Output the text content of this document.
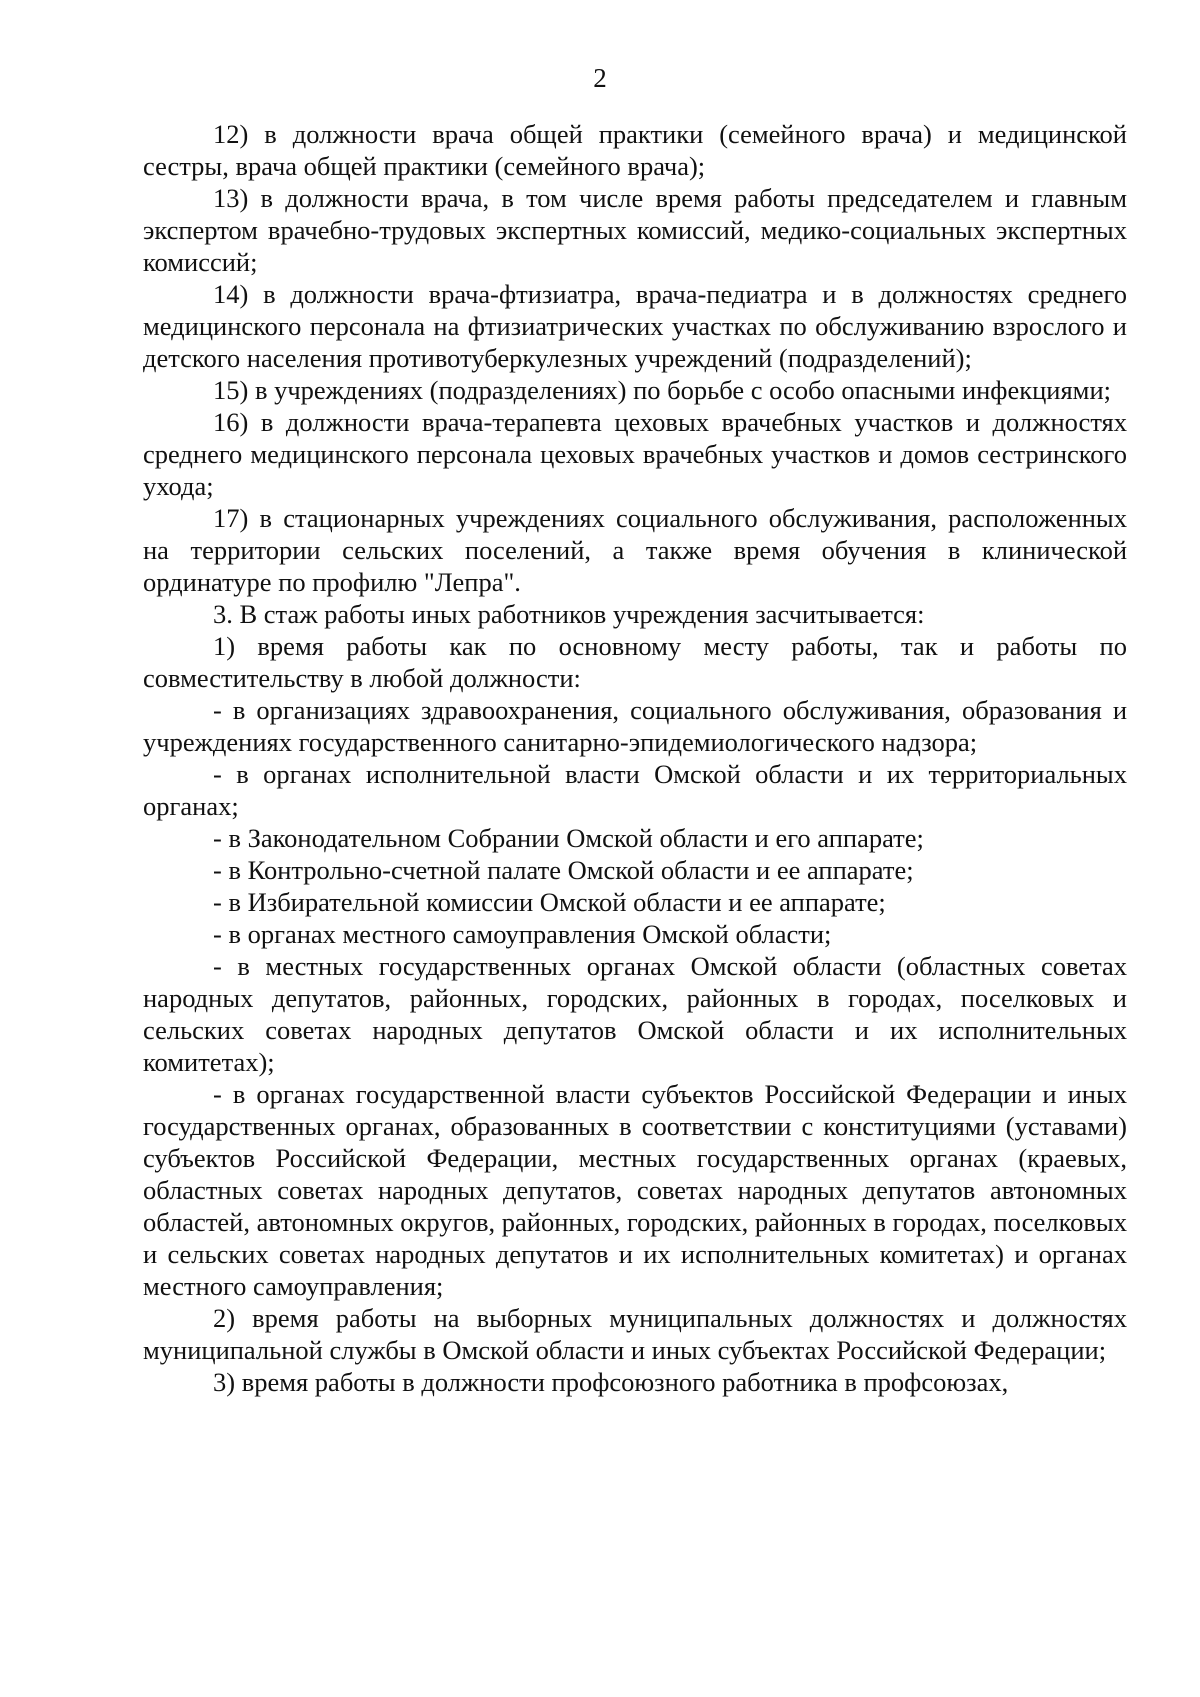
2

12) в должности врача общей практики (семейного врача) и медицинской сестры, врача общей практики (семейного врача);

13) в должности врача, в том числе время работы председателем и главным экспертом врачебно-трудовых экспертных комиссий, медико-социальных экспертных комиссий;

14) в должности врача-фтизиатра, врача-педиатра и в должностях среднего медицинского персонала на фтизиатрических участках по обслуживанию взрослого и детского населения противотуберкулезных учреждений (подразделений);

15) в учреждениях (подразделениях) по борьбе с особо опасными инфекциями;

16) в должности врача-терапевта цеховых врачебных участков и должностях среднего медицинского персонала цеховых врачебных участков и домов сестринского ухода;

17) в стационарных учреждениях социального обслуживания, расположенных на территории сельских поселений, а также время обучения в клинической ординатуре по профилю "Лепра".

3. В стаж работы иных работников учреждения засчитывается:

1) время работы как по основному месту работы, так и работы по совместительству в любой должности:

- в организациях здравоохранения, социального обслуживания, образования и учреждениях государственного санитарно-эпидемиологического надзора;

- в органах исполнительной власти Омской области и их территориальных органах;

- в Законодательном Собрании Омской области и его аппарате;

- в Контрольно-счетной палате Омской области и ее аппарате;

- в Избирательной комиссии Омской области и ее аппарате;

- в органах местного самоуправления Омской области;

- в местных государственных органах Омской области (областных советах народных депутатов, районных, городских, районных в городах, поселковых и сельских советах народных депутатов Омской области и их исполнительных комитетах);

- в органах государственной власти субъектов Российской Федерации и иных государственных органах, образованных в соответствии с конституциями (уставами) субъектов Российской Федерации, местных государственных органах (краевых, областных советах народных депутатов, советах народных депутатов автономных областей, автономных округов, районных, городских, районных в городах, поселковых и сельских советах народных депутатов и их исполнительных комитетах) и органах местного самоуправления;

2) время работы на выборных муниципальных должностях и должностях муниципальной службы в Омской области и иных субъектах Российской Федерации;

3) время работы в должности профсоюзного работника в профсоюзах,
